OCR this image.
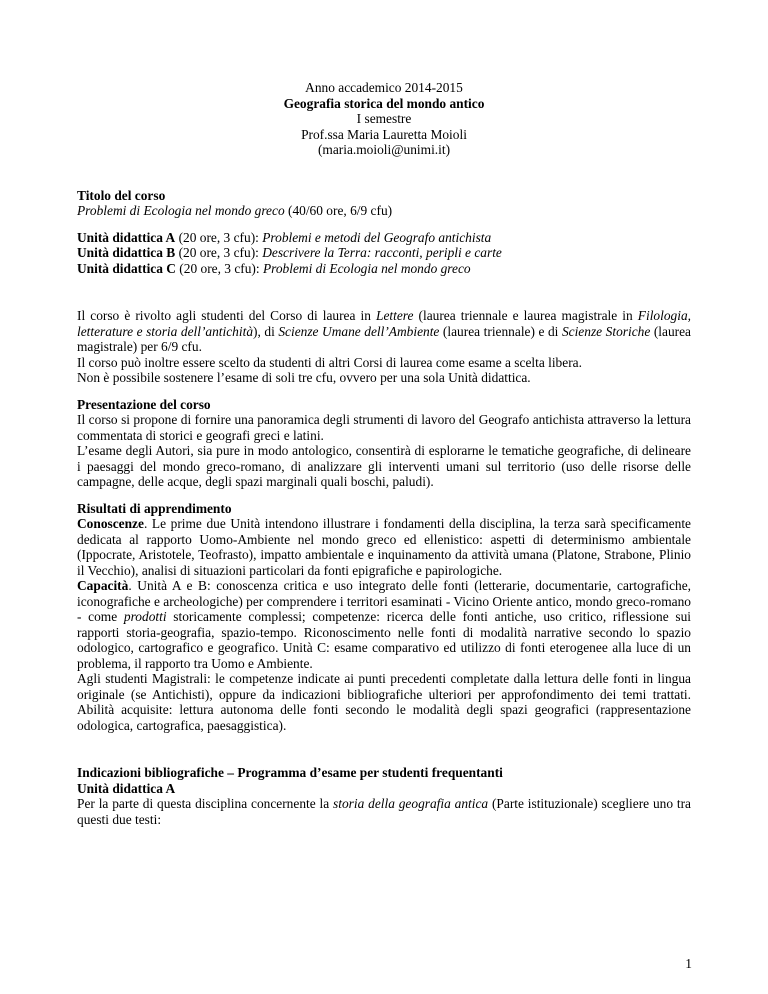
Anno accademico 2014-2015
Geografia storica del mondo antico
I semestre
Prof.ssa Maria Lauretta Moioli
(maria.moioli@unimi.it)

Titolo del corso

Problemi di Ecologia nel mondo greco (40/60 ore, 6/9 cfu)

Unità didattica A (20 ore, 3 cfu): Problemi e metodi del Geografo antichista

Unità didattica B (20 ore, 3 cfu): Descrivere la Terra: racconti, peripli e carte

Unità didattica C (20 ore, 3 cfu): Problemi di Ecologia nel mondo greco

Il corso è rivolto agli studenti del Corso di laurea in Lettere (laurea triennale e laurea magistrale in Filologia, letterature e storia dell’antichità), di Scienze Umane dell’Ambiente (laurea triennale) e di Scienze Storiche (laurea magistrale) per 6/9 cfu.

Il corso può inoltre essere scelto da studenti di altri Corsi di laurea come esame a scelta libera.

Non è possibile sostenere l’esame di soli tre cfu, ovvero per una sola Unità didattica.

Presentazione del corso

Il corso si propone di fornire una panoramica degli strumenti di lavoro del Geografo antichista attraverso la lettura commentata di storici e geografi greci e latini.

L’esame degli Autori, sia pure in modo antologico, consentirà di esplorarne le tematiche geografiche, di delineare i paesaggi del mondo greco-romano, di analizzare gli interventi umani sul territorio (uso delle risorse delle campagne, delle acque, degli spazi marginali quali boschi, paludi).

Risultati di apprendimento

Conoscenze. Le prime due Unità intendono illustrare i fondamenti della disciplina, la terza sarà specificamente dedicata al rapporto Uomo-Ambiente nel mondo greco ed ellenistico: aspetti di determinismo ambientale (Ippocrate, Aristotele, Teofrasto), impatto ambientale e inquinamento da attività umana (Platone, Strabone, Plinio il Vecchio), analisi di situazioni particolari da fonti epigrafiche e papirologiche.

Capacità. Unità A e B: conoscenza critica e uso integrato delle fonti (letterarie, documentarie, cartografiche, iconografiche e archeologiche) per comprendere i territori esaminati - Vicino Oriente antico, mondo greco-romano - come prodotti storicamente complessi; competenze: ricerca delle fonti antiche, uso critico, riflessione sui rapporti storia-geografia, spazio-tempo. Riconoscimento nelle fonti di modalità narrative secondo lo spazio odologico, cartografico e geografico. Unità C: esame comparativo ed utilizzo di fonti eterogenee alla luce di un problema, il rapporto tra Uomo e Ambiente.

Agli studenti Magistrali: le competenze indicate ai punti precedenti completate dalla lettura delle fonti in lingua originale (se Antichisti), oppure da indicazioni bibliografiche ulteriori per approfondimento dei temi trattati. Abilità acquisite: lettura autonoma delle fonti secondo le modalità degli spazi geografici (rappresentazione odologica, cartografica, paesaggistica).

Indicazioni bibliografiche – Programma d’esame per studenti frequentanti

Unità didattica A

Per la parte di questa disciplina concernente la storia della geografia antica (Parte istituzionale) scegliere uno tra questi due testi:

1
